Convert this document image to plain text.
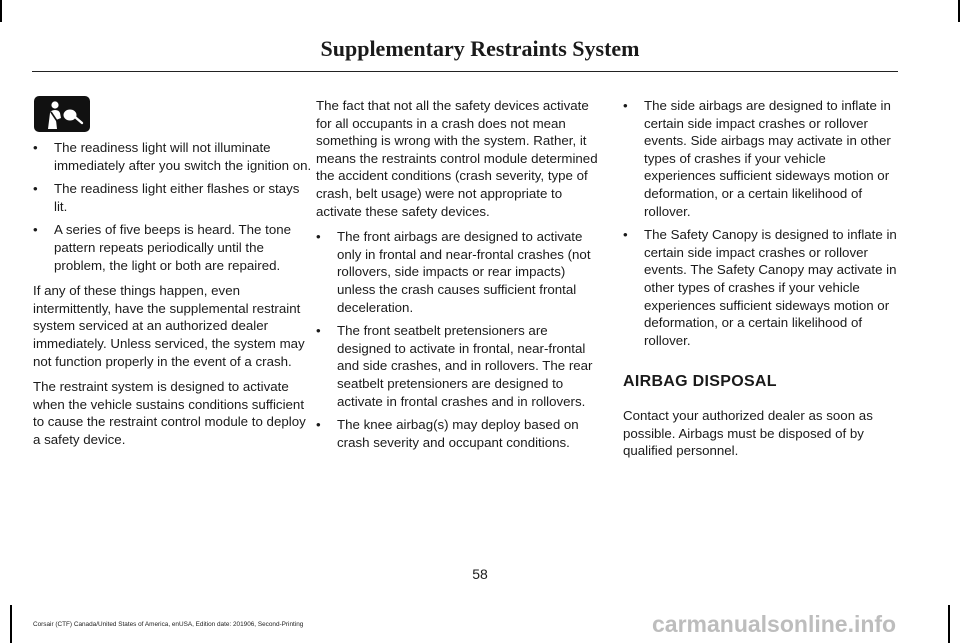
Supplementary Restraints System
• The readiness light will not illuminate immediately after you switch the ignition on.
• The readiness light either flashes or stays lit.
• A series of five beeps is heard. The tone pattern repeats periodically until the problem, the light or both are repaired.

If any of these things happen, even intermittently, have the supplemental restraint system serviced at an authorized dealer immediately. Unless serviced, the system may not function properly in the event of a crash.

The restraint system is designed to activate when the vehicle sustains conditions sufficient to cause the restraint control module to deploy a safety device.

The fact that not all the safety devices activate for all occupants in a crash does not mean something is wrong with the system. Rather, it means the restraints control module determined the accident conditions (crash severity, type of crash, belt usage) were not appropriate to activate these safety devices.

• The front airbags are designed to activate only in frontal and near-frontal crashes (not rollovers, side impacts or rear impacts) unless the crash causes sufficient frontal deceleration.
• The front seatbelt pretensioners are designed to activate in frontal, near-frontal and side crashes, and in rollovers. The rear seatbelt pretensioners are designed to activate in frontal crashes and in rollovers.
• The knee airbag(s) may deploy based on crash severity and occupant conditions.
• The side airbags are designed to inflate in certain side impact crashes or rollover events. Side airbags may activate in other types of crashes if your vehicle experiences sufficient sideways motion or deformation, or a certain likelihood of rollover.
• The Safety Canopy is designed to inflate in certain side impact crashes or rollover events. The Safety Canopy may activate in other types of crashes if your vehicle experiences sufficient sideways motion or deformation, or a certain likelihood of rollover.
AIRBAG DISPOSAL

Contact your authorized dealer as soon as possible. Airbags must be disposed of by qualified personnel.

58
Corsair (CTF) Canada/United States of America, enUSA, Edition date: 201906, Second-Printing	carmanualsonline.info
